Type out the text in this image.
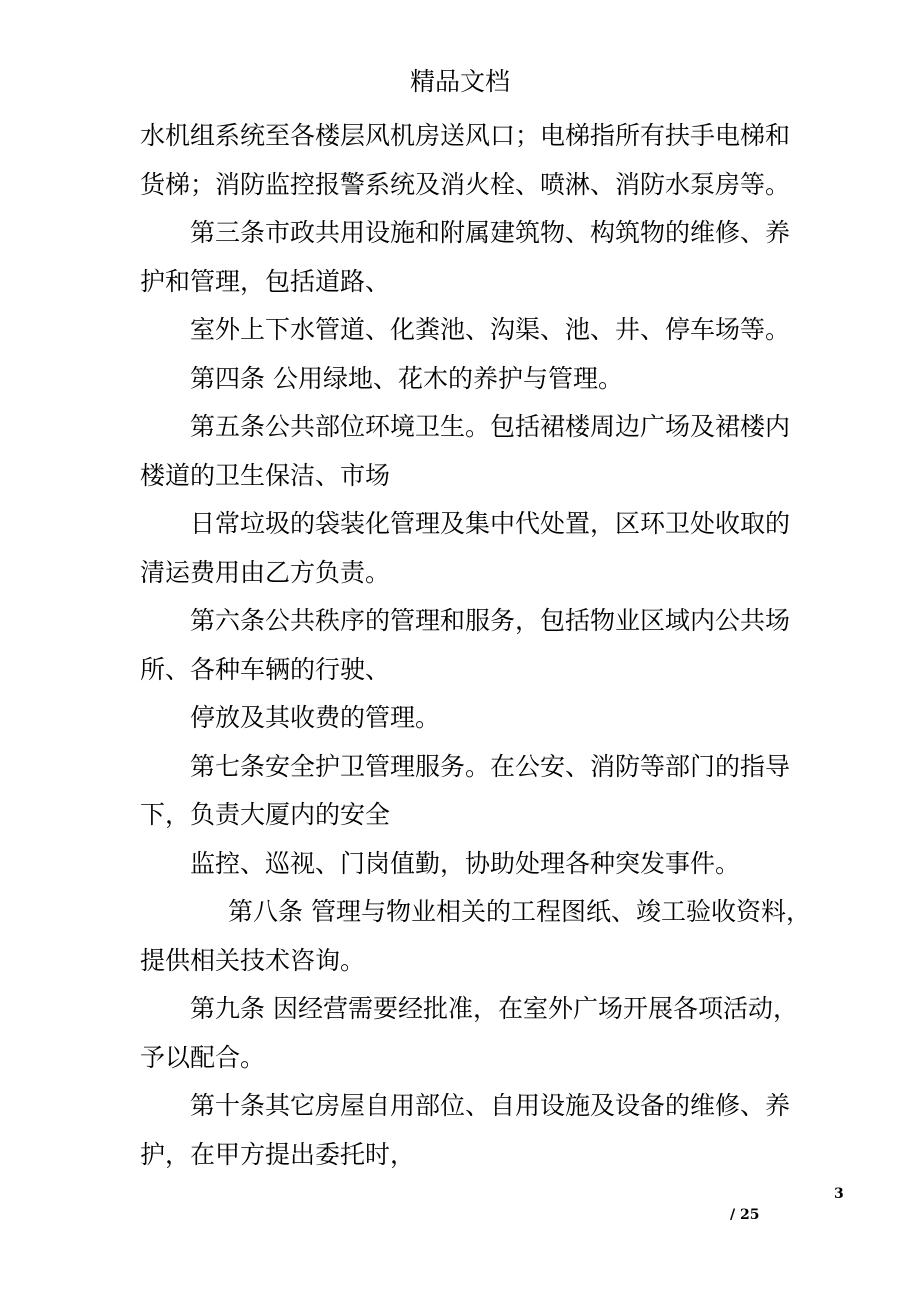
精品文档
水机组系统至各楼层风机房送风口；电梯指所有扶手电梯和
货梯；消防监控报警系统及消火栓、喷淋、消防水泵房等。
第三条市政共用设施和附属建筑物、构筑物的维修、养
护和管理，包括道路、
室外上下水管道、化粪池、沟渠、池、井、停车场等。
第四条 公用绿地、花木的养护与管理。
第五条公共部位环境卫生。包括裙楼周边广场及裙楼内
楼道的卫生保洁、市场
日常垃圾的袋装化管理及集中代处置，区环卫处收取的
清运费用由乙方负责。
第六条公共秩序的管理和服务，包括物业区域内公共场
所、各种车辆的行驶、
停放及其收费的管理。
第七条安全护卫管理服务。在公安、消防等部门的指导
下，负责大厦内的安全
监控、巡视、门岗值勤，协助处理各种突发事件。
第八条 管理与物业相关的工程图纸、竣工验收资料，
提供相关技术咨询。
第九条 因经营需要经批准，在室外广场开展各项活动，
予以配合。
第十条其它房屋自用部位、自用设施及设备的维修、养
护，在甲方提出委托时，
3
/ 25
